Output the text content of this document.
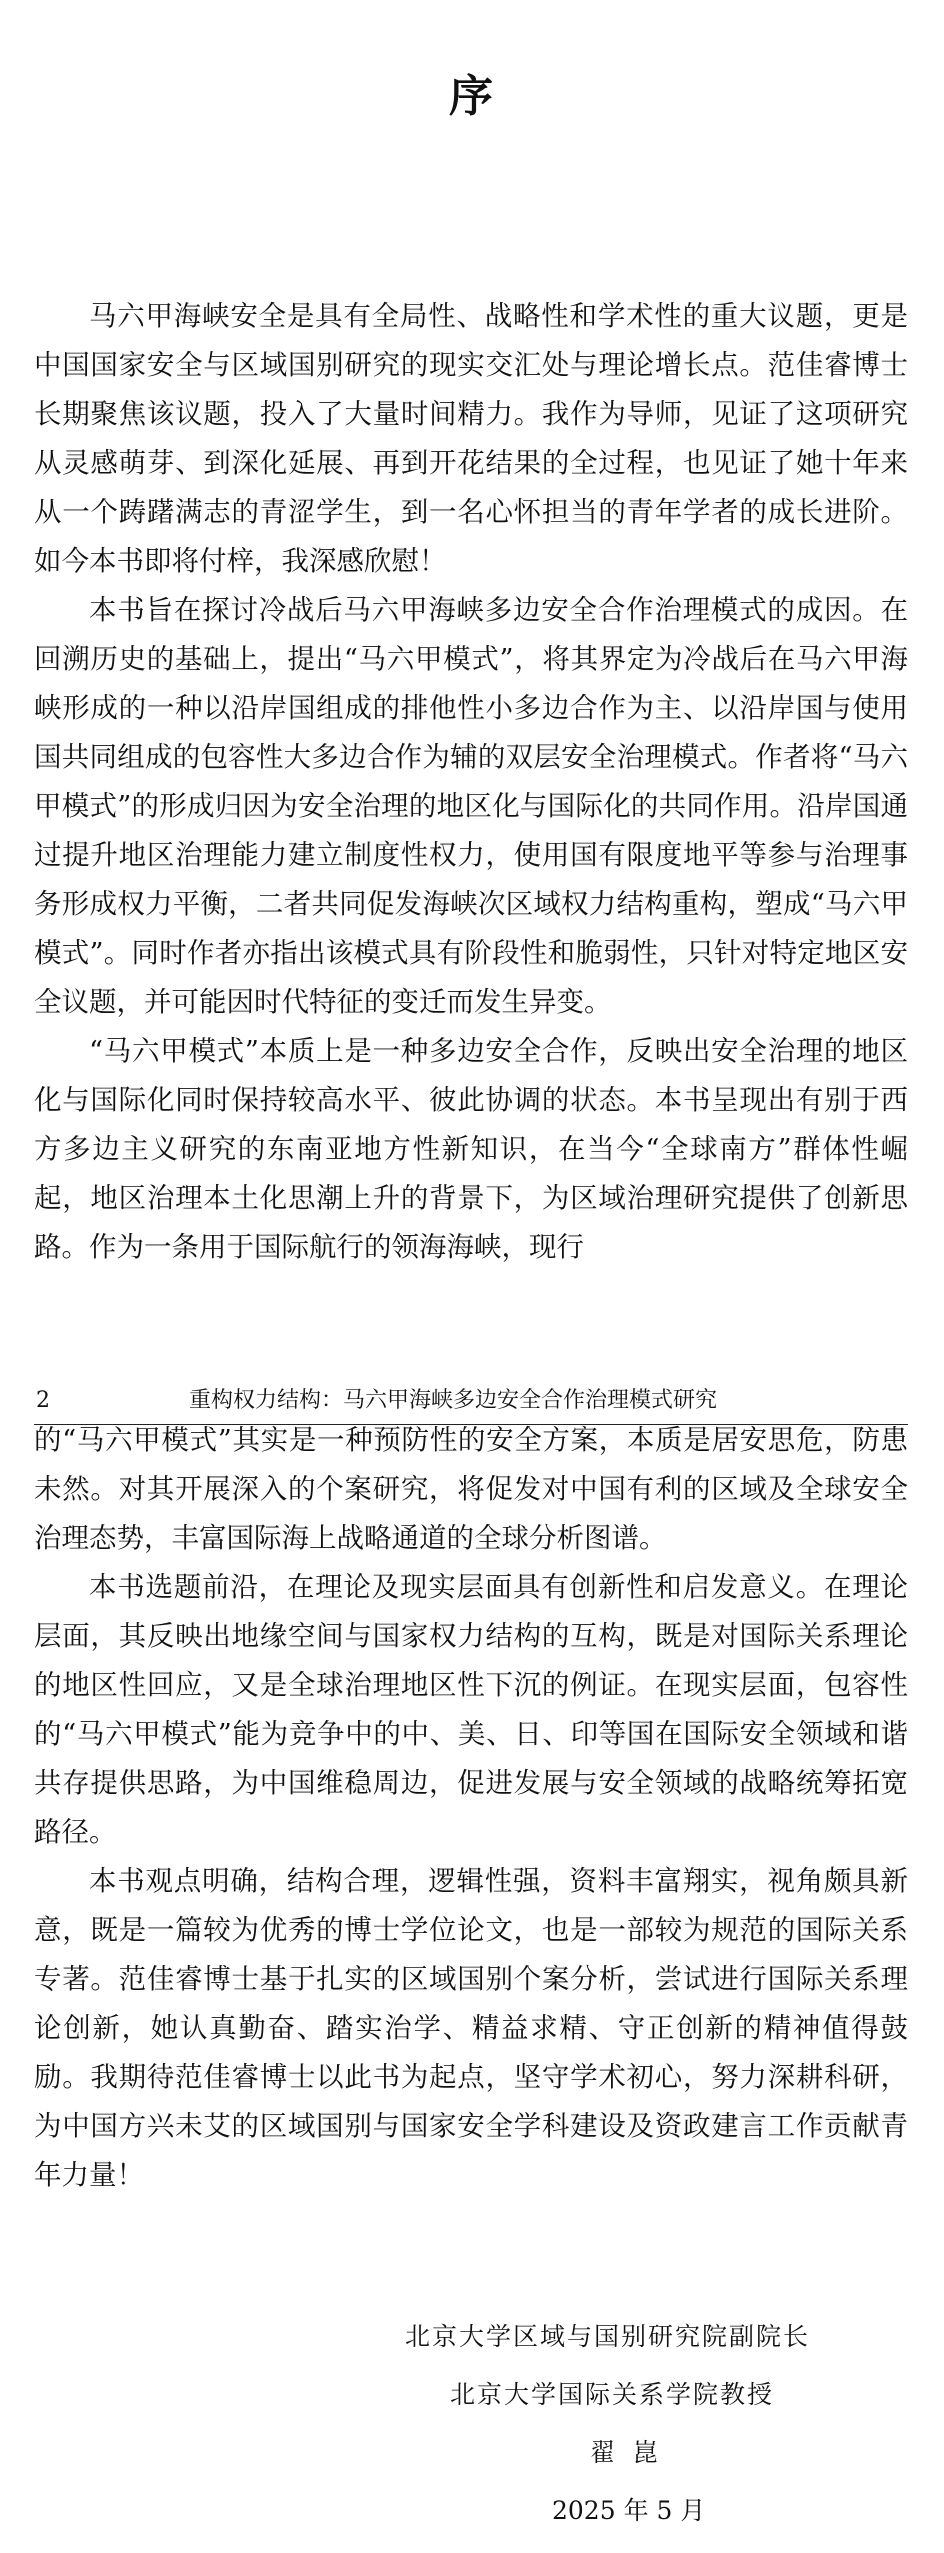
序

马六甲海峡安全是具有全局性、战略性和学术性的重大议题，更是中国国家安全与区域国别研究的现实交汇处与理论增长点。范佳睿博士长期聚焦该议题，投入了大量时间精力。我作为导师，见证了这项研究从灵感萌芽、到深化延展、再到开花结果的全过程，也见证了她十年来从一个踌躇满志的青涩学生，到一名心怀担当的青年学者的成长进阶。如今本书即将付梓，我深感欣慰！

本书旨在探讨冷战后马六甲海峡多边安全合作治理模式的成因。在回溯历史的基础上，提出“马六甲模式”，将其界定为冷战后在马六甲海峡形成的一种以沿岸国组成的排他性小多边合作为主、以沿岸国与使用国共同组成的包容性大多边合作为辅的双层安全治理模式。作者将“马六甲模式”的形成归因为安全治理的地区化与国际化的共同作用。沿岸国通过提升地区治理能力建立制度性权力，使用国有限度地平等参与治理事务形成权力平衡，二者共同促发海峡次区域权力结构重构，塑成“马六甲模式”。同时作者亦指出该模式具有阶段性和脆弱性，只针对特定地区安全议题，并可能因时代特征的变迁而发生异变。

“马六甲模式”本质上是一种多边安全合作，反映出安全治理的地区化与国际化同时保持较高水平、彼此协调的状态。本书呈现出有别于西方多边主义研究的东南亚地方性新知识，在当今“全球南方”群体性崛起，地区治理本土化思潮上升的背景下，为区域治理研究提供了创新思路。作为一条用于国际航行的领海海峡，现行

2	重构权力结构：马六甲海峡多边安全合作治理模式研究

的“马六甲模式”其实是一种预防性的安全方案，本质是居安思危，防患未然。对其开展深入的个案研究，将促发对中国有利的区域及全球安全治理态势，丰富国际海上战略通道的全球分析图谱。

本书选题前沿，在理论及现实层面具有创新性和启发意义。在理论层面，其反映出地缘空间与国家权力结构的互构，既是对国际关系理论的地区性回应，又是全球治理地区性下沉的例证。在现实层面，包容性的“马六甲模式”能为竞争中的中、美、日、印等国在国际安全领域和谐共存提供思路，为中国维稳周边，促进发展与安全领域的战略统筹拓宽路径。

本书观点明确，结构合理，逻辑性强，资料丰富翔实，视角颇具新意，既是一篇较为优秀的博士学位论文，也是一部较为规范的国际关系专著。范佳睿博士基于扎实的区域国别个案分析，尝试进行国际关系理论创新，她认真勤奋、踏实治学、精益求精、守正创新的精神值得鼓励。我期待范佳睿博士以此书为起点，坚守学术初心，努力深耕科研，为中国方兴未艾的区域国别与国家安全学科建设及资政建言工作贡献青年力量！

北京大学区域与国别研究院副院长
北京大学国际关系学院教授
翟崑
2025 年 5 月
